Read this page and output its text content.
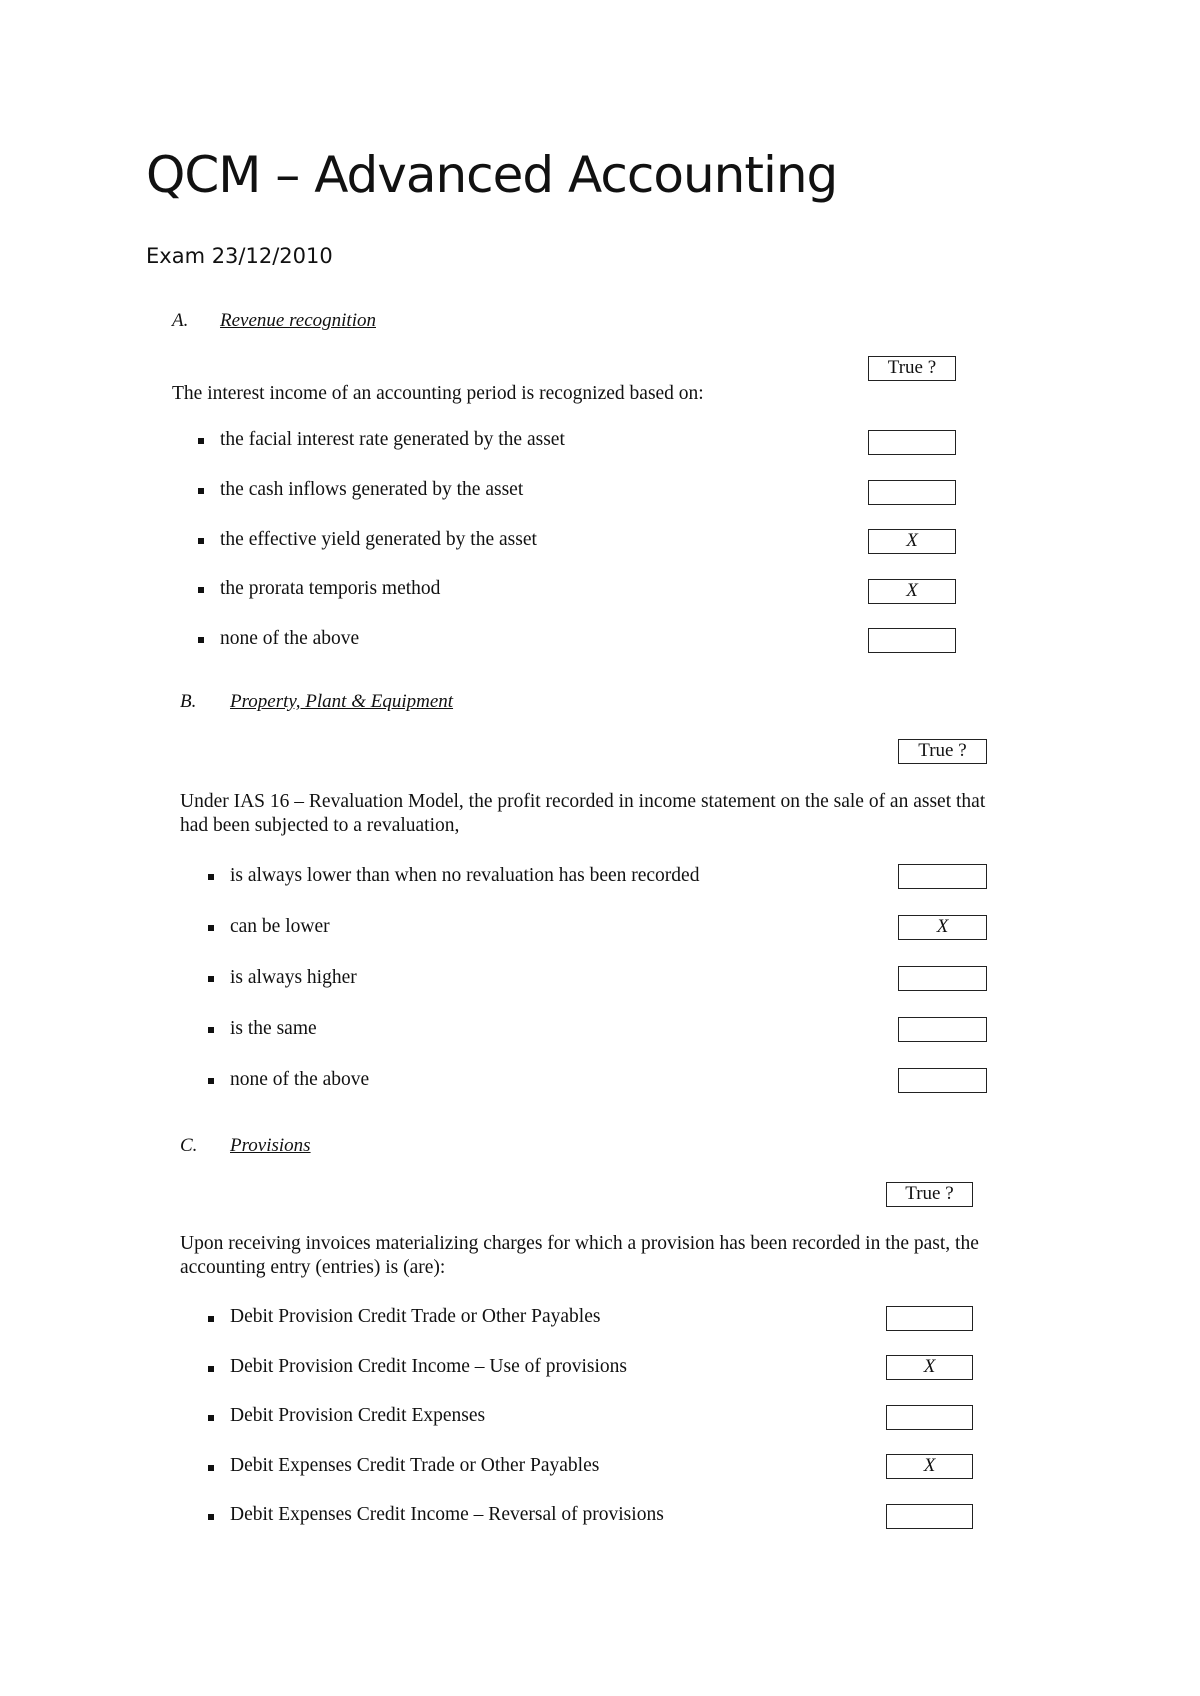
QCM – Advanced Accounting
Exam 23/12/2010
A. Revenue recognition
True ?
The interest income of an accounting period is recognized based on:
the facial interest rate generated by the asset
the cash inflows generated by the asset
the effective yield generated by the asset	X
the prorata temporis method	X
none of the above
B. Property, Plant & Equipment
True ?
Under IAS 16 – Revaluation Model, the profit recorded in income statement on the sale of an asset that had been subjected to a revaluation,
is always lower than when no revaluation has been recorded
can be lower	X
is always higher
is the same
none of the above
C. Provisions
True ?
Upon receiving invoices materializing charges for which a provision has been recorded in the past, the accounting entry (entries) is (are):
Debit Provision Credit Trade or Other Payables
Debit Provision Credit Income – Use of provisions	X
Debit Provision Credit Expenses
Debit Expenses Credit Trade or Other Payables	X
Debit Expenses Credit Income – Reversal of provisions
